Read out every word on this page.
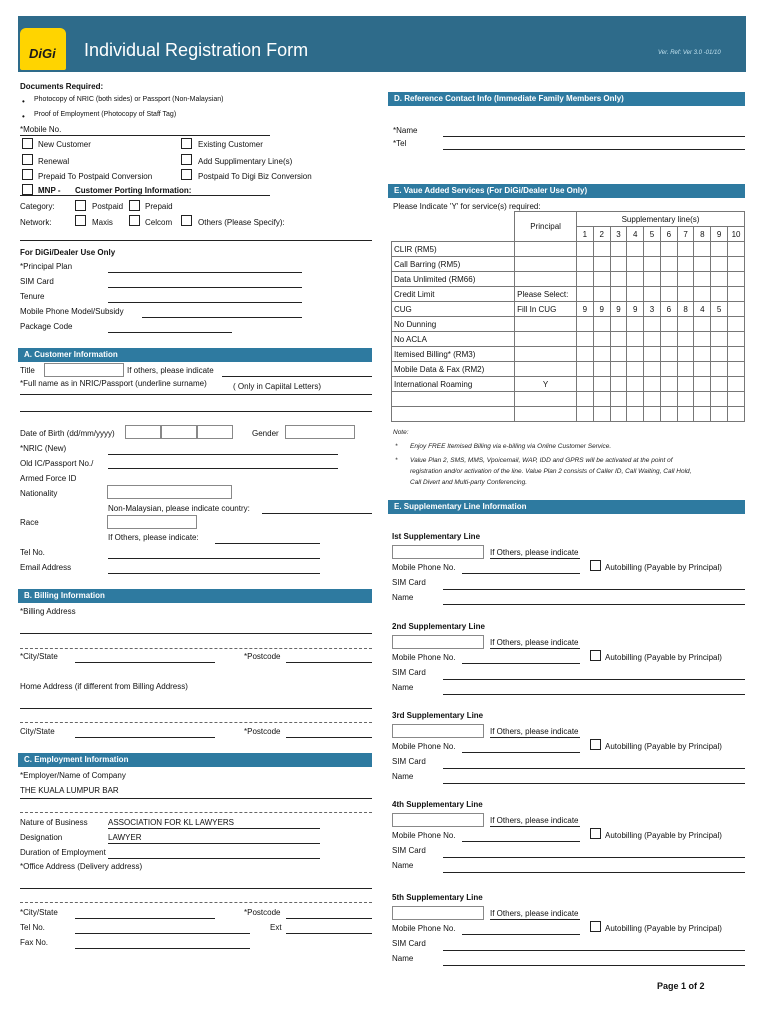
DiGi Individual Registration Form	Ver. Ref: Ver 3.0 -01/10
Documents Required:
• Photocopy of NRIC (both sides) or Passport (Non-Malaysian)
• Proof of Employment (Photocopy of Staff Tag)
*Mobile No.
New Customer	Existing Customer
Renewal	Add Supplimentary Line(s)
Prepaid To Postpaid Conversion	Postpaid To Digi Biz Conversion
MNP - Customer Porting Information:
Category:	Postpaid	Prepaid
Network:	Maxis	Celcom	Others (Please Specify):
For DiGi/Dealer Use Only
*Principal Plan
SIM Card
Tenure
Mobile Phone Model/Subsidy
Package Code
A. Customer Information
Title	If others, please indicate
*Full name as in NRIC/Passport (underline surname)	( Only in Capiital Letters)
Date of Birth (dd/mm/yyyy)	Gender
*NRIC (New)
Old IC/Passport No./
Armed Force ID
Nationality
Non-Malaysian, please indicate country:
Race
If Others, please indicate:
Tel No.
Email Address
B. Billing Information
*Billing Address
*City/State	*Postcode
Home Address (if different from Billing Address)
City/State	*Postcode
C. Employment Information
*Employer/Name of Company
THE KUALA LUMPUR BAR
Nature of Business	ASSOCIATION FOR KL LAWYERS
Designation	LAWYER
Duration of Employment
*Office Address (Delivery address)
*City/State	*Postcode
Tel No.	Ext
Fax No.
D. Reference Contact Info (Immediate Family Members Only)
*Name
*Tel
E. Vaue Added Services (For DiGi/Dealer Use Only)
Please Indicate 'Y' for service(s) required:
	Principal	Supplementary line(s)									
		1	2	3	4	5	6	7	8	9	10
CLIR (RM5)											
Call Barring (RM5)											
Data Unlimited (RM66)											
Credit Limit	Please Select:										
CUG	Fill In CUG	9	9	9	9	3	6	8	4	5	
No Dunning											
No ACLA											
Itemised Billing* (RM3)											
Mobile Data & Fax (RM2)											
International Roaming	Y										

Note:
* Enjoy FREE Itemised Billing via e-billing via Online Customer Service.
* Value Plan 2, SMS, MMS, Vpoicemail, WAP, IDD and GPRS will be activated at the point of
registration and/or activation of the line. Value Plan 2 consists of Caller ID, Call Waiting, Call Hold,
Call Divert and Multi-party Conferencing.
E. Supplementary Line Information
Ist Supplementary Line
If Others, please indicate
Mobile Phone No.	Autobilling (Payable by Principal)
SIM Card
Name
2nd Supplementary Line
If Others, please indicate
Mobile Phone No.	Autobilling (Payable by Principal)
SIM Card
Name
3rd Supplementary Line
If Others, please indicate
Mobile Phone No.	Autobilling (Payable by Principal)
SIM Card
Name
4th Supplementary Line
If Others, please indicate
Mobile Phone No.	Autobilling (Payable by Principal)
SIM Card
Name
5th Supplementary Line
If Others, please indicate
Mobile Phone No.	Autobilling (Payable by Principal)
SIM Card
Name
Page 1 of 2
